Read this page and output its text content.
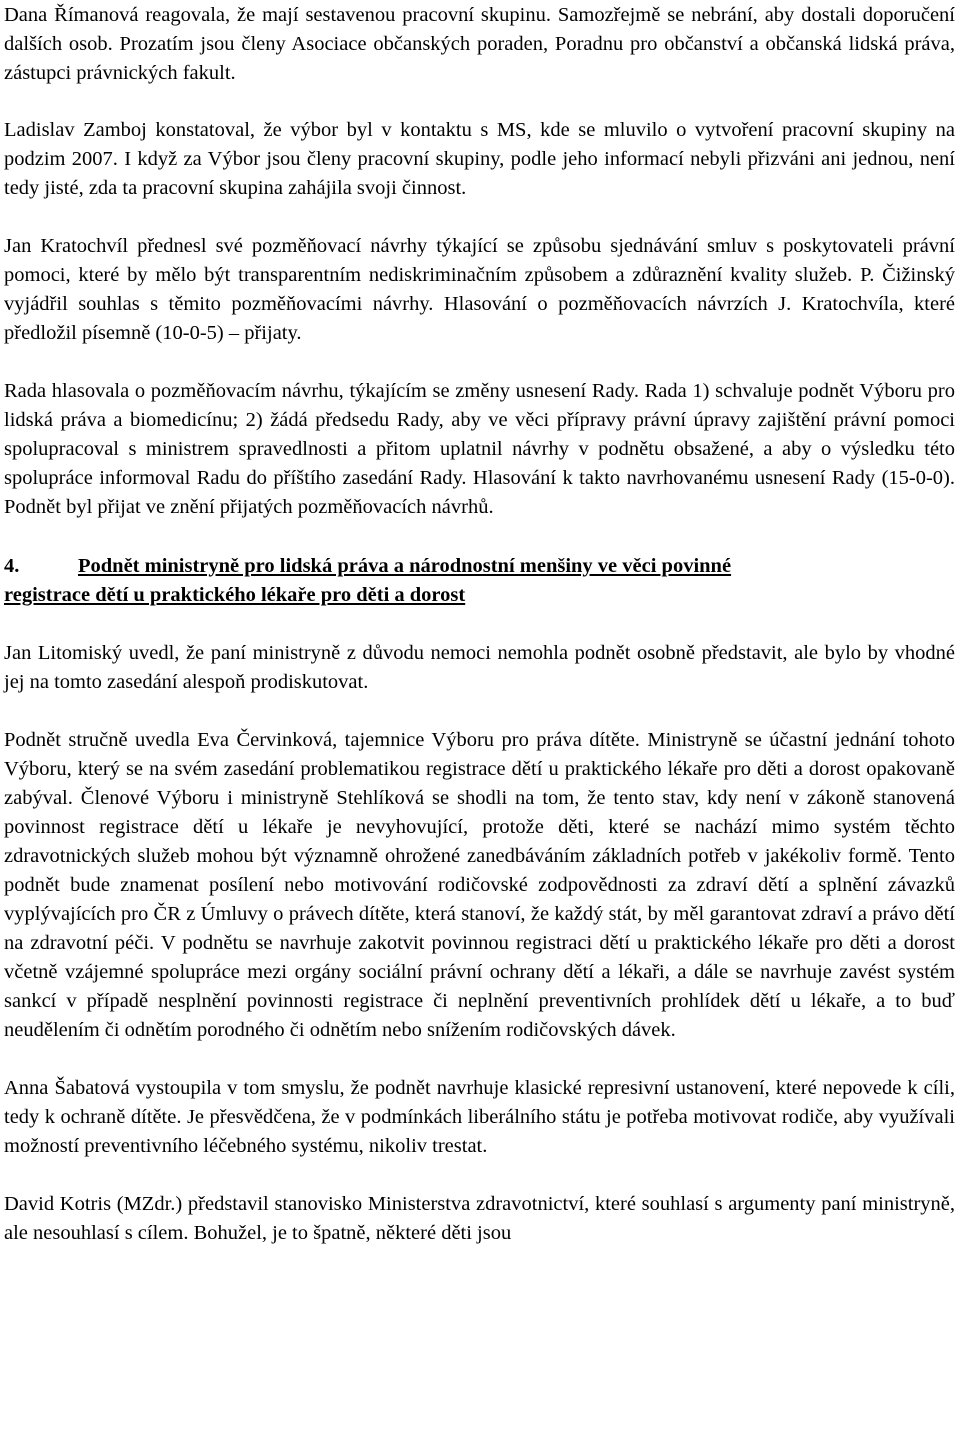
Dana Římanová reagovala, že mají sestavenou pracovní skupinu. Samozřejmě se nebrání, aby dostali doporučení dalších osob. Prozatím jsou členy Asociace občanských poraden, Poradnu pro občanství a občanská lidská práva, zástupci právnických fakult.

Ladislav Zamboj konstatoval, že výbor byl v kontaktu s MS, kde se mluvilo o vytvoření pracovní skupiny na podzim 2007. I když za Výbor jsou členy pracovní skupiny, podle jeho informací nebyli přizváni ani jednou, není tedy jisté, zda ta pracovní skupina zahájila svoji činnost.

Jan Kratochvíl přednesl své pozměňovací návrhy týkající se způsobu sjednávání smluv s poskytovateli právní pomoci, které by mělo být transparentním nediskriminačním způsobem a zdůraznění kvality služeb. P. Čižinský vyjádřil souhlas s těmito pozměňovacími návrhy. Hlasování o pozměňovacích návrzích J. Kratochvíla, které předložil písemně (10-0-5) – přijaty.

Rada hlasovala o pozměňovacím návrhu, týkajícím se změny usnesení Rady. Rada 1) schvaluje podnět Výboru pro lidská práva a biomedicínu; 2) žádá předsedu Rady, aby ve věci přípravy právní úpravy zajištění právní pomoci spolupracoval s ministrem spravedlnosti a přitom uplatnil návrhy v podnětu obsažené, a aby o výsledku této spolupráce informoval Radu do příštího zasedání Rady. Hlasování k takto navrhovanému usnesení Rady (15-0-0). Podnět byl přijat ve znění přijatých pozměňovacích návrhů.

4.	Podnět ministryně pro lidská práva a národnostní menšiny ve věci povinné
registrace dětí u praktického lékaře pro děti a dorost

Jan Litomiský uvedl, že paní ministryně z důvodu nemoci nemohla podnět osobně představit, ale bylo by vhodné jej na tomto zasedání alespoň prodiskutovat.

Podnět stručně uvedla Eva Červinková, tajemnice Výboru pro práva dítěte. Ministryně se účastní jednání tohoto Výboru, který se na svém zasedání problematikou registrace dětí u praktického lékaře pro děti a dorost opakovaně zabýval. Členové Výboru i ministryně Stehlíková se shodli na tom, že tento stav, kdy není v zákoně stanovená povinnost registrace dětí u lékaře je nevyhovující, protože děti, které se nachází mimo systém těchto zdravotnických služeb mohou být významně ohrožené zanedbáváním základních potřeb v jakékoliv formě. Tento podnět bude znamenat posílení nebo motivování rodičovské zodpovědnosti za zdraví dětí a splnění závazků vyplývajících pro ČR z Úmluvy o právech dítěte, která stanoví, že každý stát, by měl garantovat zdraví a právo dětí na zdravotní péči. V podnětu se navrhuje zakotvit povinnou registraci dětí u praktického lékaře pro děti a dorost včetně vzájemné spolupráce mezi orgány sociální právní ochrany dětí a lékaři, a dále se navrhuje zavést systém sankcí v případě nesplnění povinnosti registrace či neplnění preventivních prohlídek dětí u lékaře, a to buď neudělením či odnětím porodného či odnětím nebo snížením rodičovských dávek.

Anna Šabatová vystoupila v tom smyslu, že podnět navrhuje klasické represivní ustanovení, které nepovede k cíli, tedy k ochraně dítěte. Je přesvědčena, že v podmínkách liberálního státu je potřeba motivovat rodiče, aby využívali možností preventivního léčebného systému, nikoliv trestat.

David Kotris (MZdr.) představil stanovisko Ministerstva zdravotnictví, které souhlasí s argumenty paní ministryně, ale nesouhlasí s cílem. Bohužel, je to špatně, některé děti jsou
